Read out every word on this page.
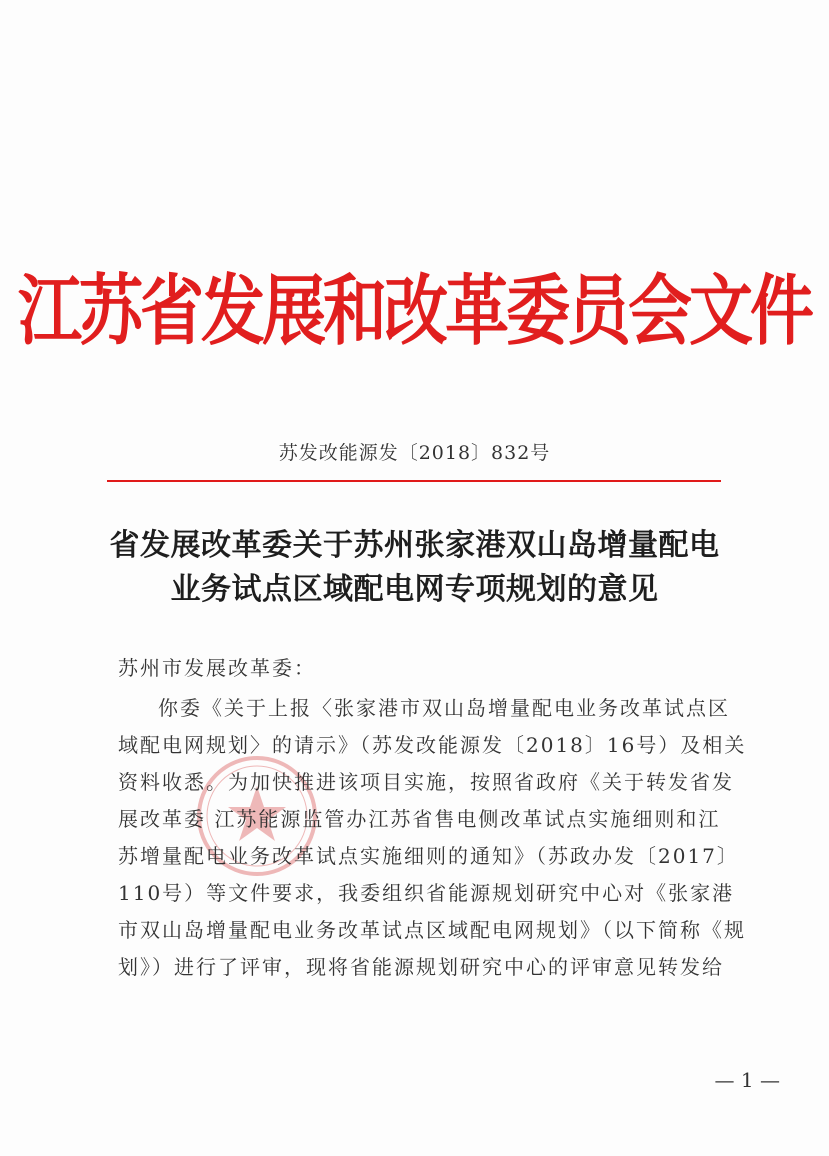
江苏省发展和改革委员会文件
苏发改能源发〔2018〕832号
省发展改革委关于苏州张家港双山岛增量配电
业务试点区域配电网专项规划的意见
苏州市发展改革委：
你委《关于上报〈张家港市双山岛增量配电业务改革试点区
域配电网规划〉的请示》（苏发改能源发〔2018〕16号）及相关
资料收悉。为加快推进该项目实施，按照省政府《关于转发省发
展改革委 江苏能源监管办江苏省售电侧改革试点实施细则和江
苏增量配电业务改革试点实施细则的通知》（苏政办发〔2017〕
110号）等文件要求，我委组织省能源规划研究中心对《张家港
市双山岛增量配电业务改革试点区域配电网规划》（以下简称《规
划》）进行了评审，现将省能源规划研究中心的评审意见转发给
— 1 —
